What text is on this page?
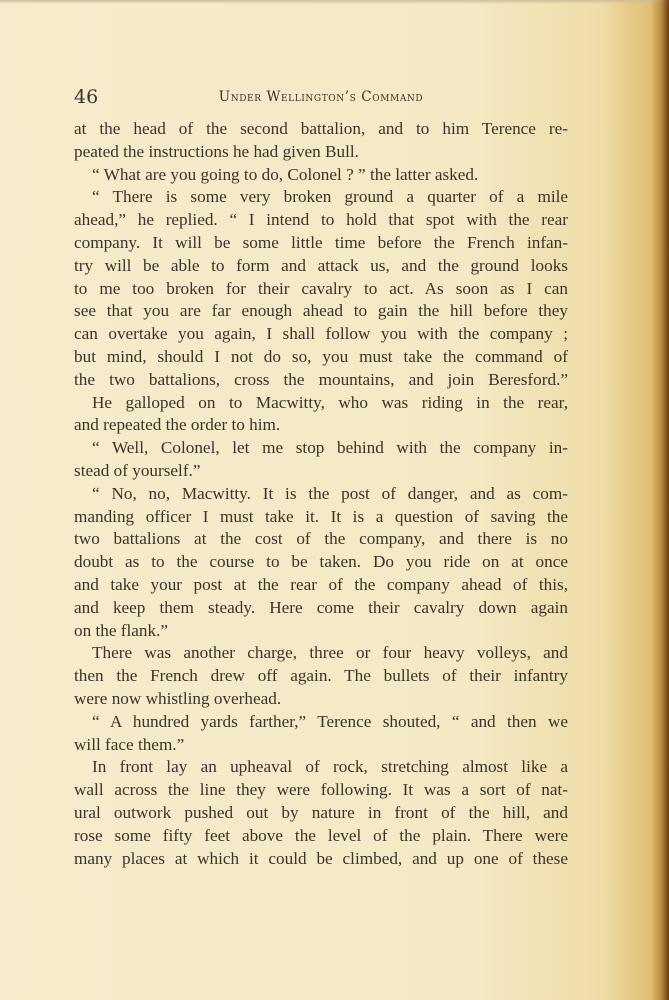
46	Under Wellington’s Command
at the head of the second battalion, and to him Terence re-
peated the instructions he had given Bull.
“ What are you going to do, Colonel ? ” the latter asked.
“ There is some very broken ground a quarter of a mile
ahead,” he replied. “ I intend to hold that spot with the rear
company. It will be some little time before the French infan-
try will be able to form and attack us, and the ground looks
to me too broken for their cavalry to act. As soon as I can
see that you are far enough ahead to gain the hill before they
can overtake you again, I shall follow you with the company ;
but mind, should I not do so, you must take the command of
the two battalions, cross the mountains, and join Beresford.”
He galloped on to Macwitty, who was riding in the rear,
and repeated the order to him.
“ Well, Colonel, let me stop behind with the company in-
stead of yourself.”
“ No, no, Macwitty. It is the post of danger, and as com-
manding officer I must take it. It is a question of saving the
two battalions at the cost of the company, and there is no
doubt as to the course to be taken. Do you ride on at once
and take your post at the rear of the company ahead of this,
and keep them steady. Here come their cavalry down again
on the flank.”
There was another charge, three or four heavy volleys, and
then the French drew off again. The bullets of their infantry
were now whistling overhead.
“ A hundred yards farther,” Terence shouted, “ and then we
will face them.”
In front lay an upheaval of rock, stretching almost like a
wall across the line they were following. It was a sort of nat-
ural outwork pushed out by nature in front of the hill, and
rose some fifty feet above the level of the plain. There were
many places at which it could be climbed, and up one of these
